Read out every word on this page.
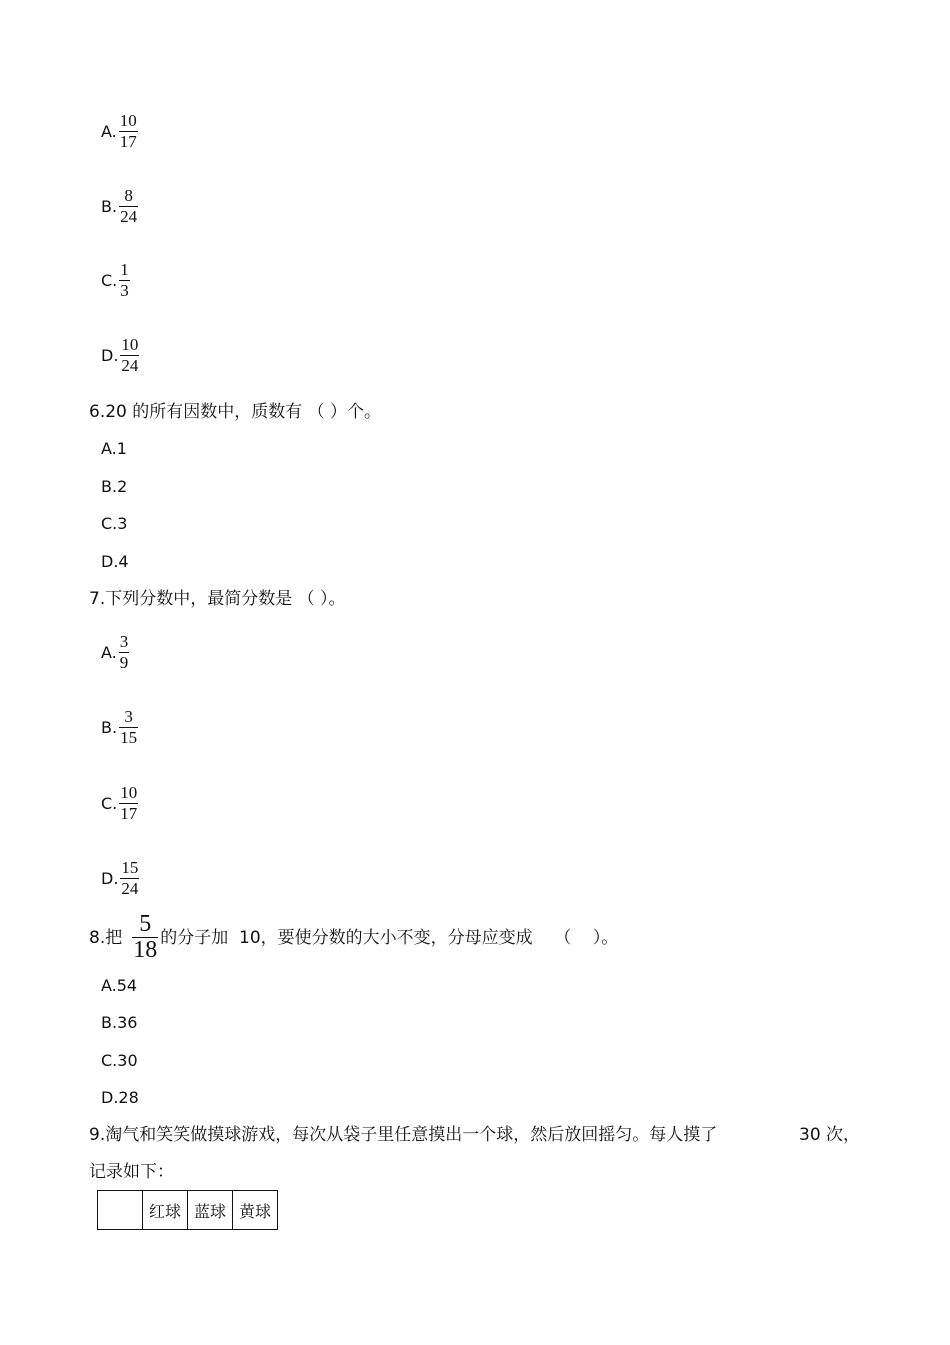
A. $\frac{10}{17}$
B. $\frac{8}{24}$
C. $\frac{1}{3}$
D. $\frac{10}{24}$
6.20 的所有因数中，质数有 （ ）个。
A.1
B.2
C.3
D.4
7.下列分数中，最简分数是 （ ）。
A. $\frac{3}{9}$
B. $\frac{3}{15}$
C. $\frac{10}{17}$
D. $\frac{15}{24}$
8.把 $\frac{5}{18}$ 的分子加  10，要使分数的大小不变，分母应变成    （    ）。
A.54
B.36
C.30
D.28
9.淘气和笑笑做摸球游戏，每次从袋子里任意摸出一个球，然后放回摇匀。每人摸了	30 次，
记录如下：
	红球	蓝球	黄球
